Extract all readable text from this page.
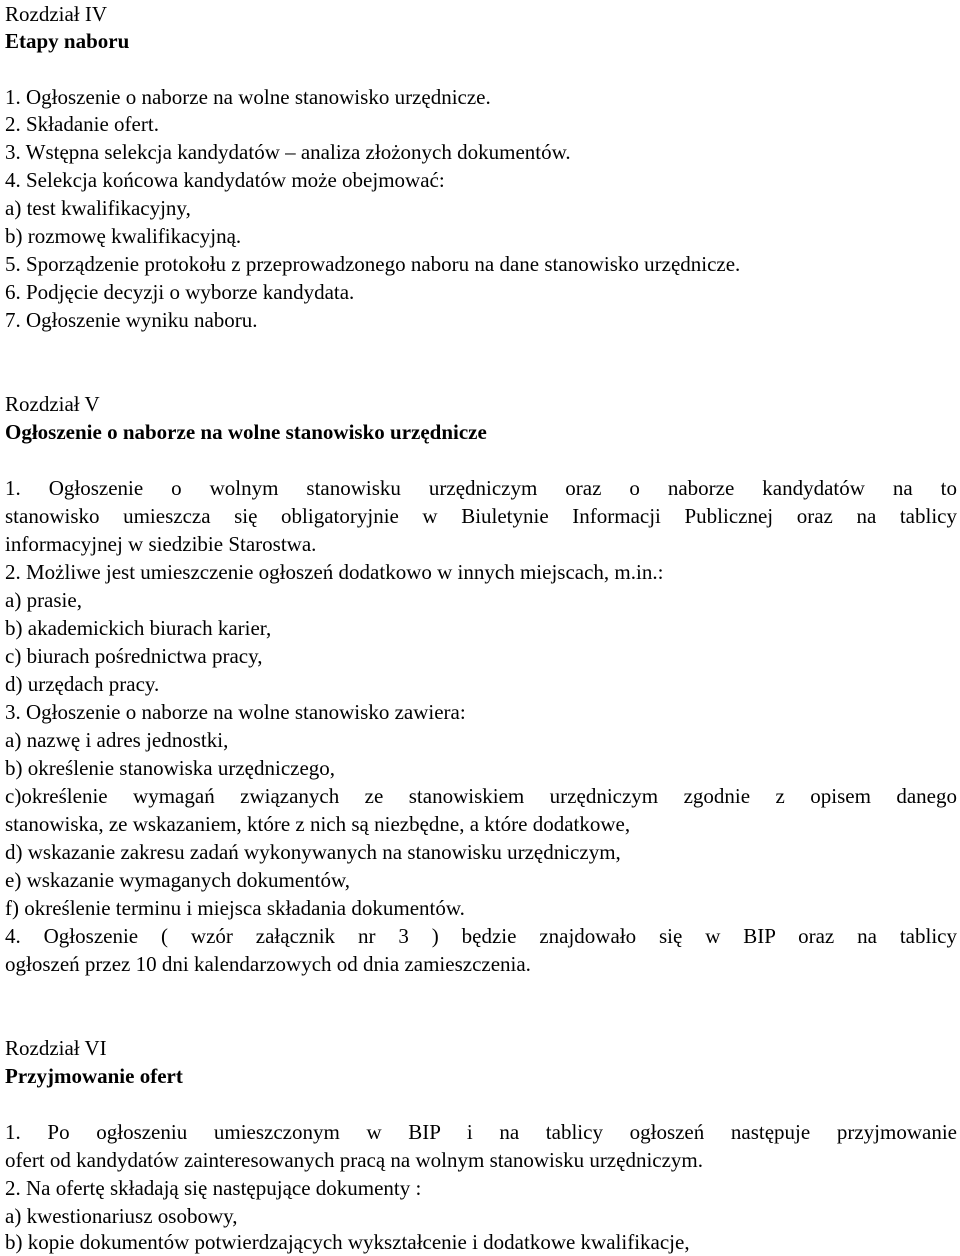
Rozdział IV
Etapy naboru
1. Ogłoszenie o naborze na wolne stanowisko urzędnicze.
2. Składanie ofert.
3. Wstępna selekcja kandydatów – analiza złożonych dokumentów.
4. Selekcja końcowa kandydatów może obejmować:
a) test kwalifikacyjny,
b) rozmowę kwalifikacyjną.
5. Sporządzenie protokołu z przeprowadzonego naboru na dane stanowisko urzędnicze.
6. Podjęcie decyzji o wyborze kandydata.
7. Ogłoszenie wyniku naboru.
Rozdział V
Ogłoszenie o naborze na wolne stanowisko urzędnicze
1. Ogłoszenie o wolnym stanowisku urzędniczym oraz o naborze kandydatów na to
stanowisko umieszcza się obligatoryjnie w Biuletynie Informacji Publicznej oraz na tablicy
informacyjnej w siedzibie Starostwa.
2. Możliwe jest umieszczenie ogłoszeń dodatkowo w innych miejscach, m.in.:
a) prasie,
b) akademickich biurach karier,
c) biurach pośrednictwa pracy,
d) urzędach pracy.
3. Ogłoszenie o naborze na wolne stanowisko zawiera:
a) nazwę i adres jednostki,
b) określenie stanowiska urzędniczego,
c)określenie wymagań związanych ze stanowiskiem urzędniczym zgodnie z opisem danego
stanowiska, ze wskazaniem, które z nich są niezbędne, a które dodatkowe,
d) wskazanie zakresu zadań wykonywanych na stanowisku urzędniczym,
e) wskazanie wymaganych dokumentów,
f) określenie terminu i miejsca składania dokumentów.
4. Ogłoszenie ( wzór załącznik nr 3 ) będzie znajdowało się w BIP oraz na tablicy
ogłoszeń przez 10 dni kalendarzowych od dnia zamieszczenia.
Rozdział VI
Przyjmowanie ofert
1. Po ogłoszeniu umieszczonym w BIP i na tablicy ogłoszeń następuje przyjmowanie
ofert od kandydatów zainteresowanych pracą na wolnym stanowisku urzędniczym.
2. Na ofertę składają się następujące dokumenty :
a) kwestionariusz osobowy,
b) kopie dokumentów potwierdzających wykształcenie i dodatkowe kwalifikacje,
